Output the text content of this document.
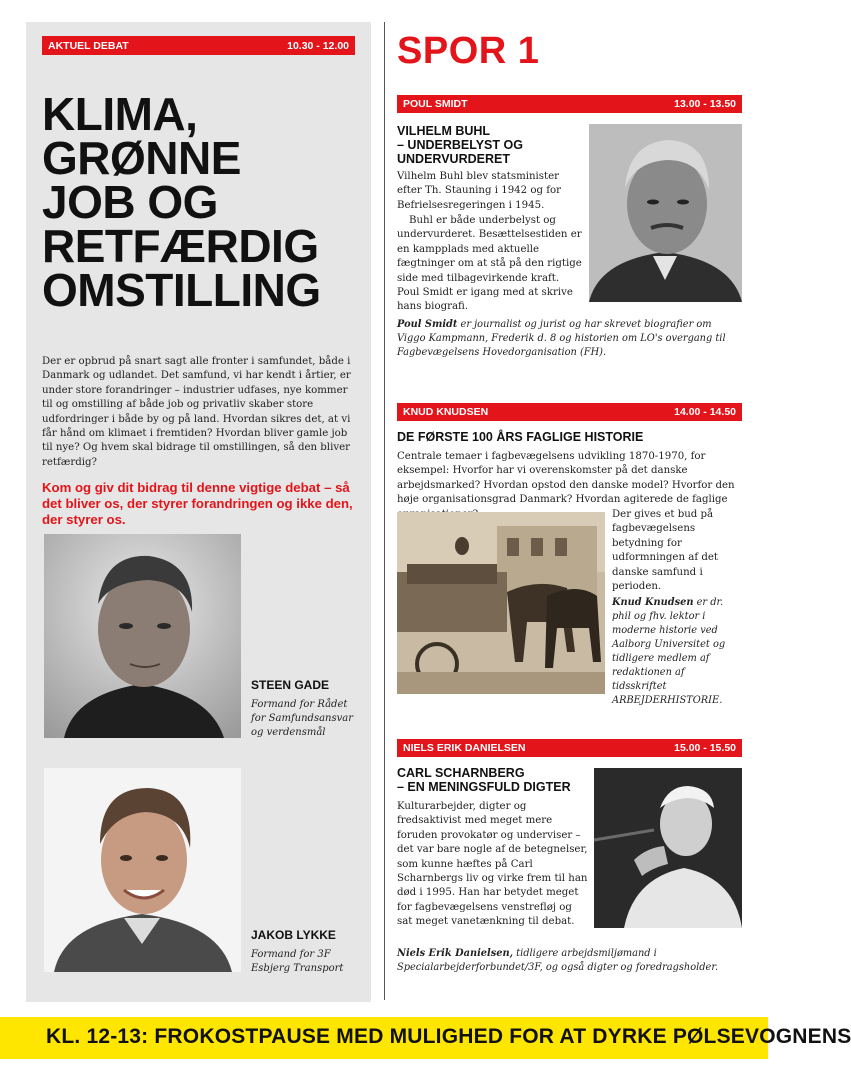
AKTUEL DEBAT	10.30 - 12.00
KLIMA,
GRØNNE
JOB OG
RETFÆRDIG
OMSTILLING

Der er opbrud på snart sagt alle fronter i samfundet, både i Danmark og udlandet. Det samfund, vi har kendt i årtier, er under store forandringer – industrier udfases, nye kommer til og omstilling af både job og privatliv skaber store udfordringer i både by og på land. Hvordan sikres det, at vi får hånd om klimaet i fremtiden? Hvordan bliver gamle job til nye? Og hvem skal bidrage til omstillingen, så den bliver retfærdig?

Kom og giv dit bidrag til denne vigtige debat – så det bliver os, der styrer forandringen og ikke den, der styrer os.

STEEN GADE
Formand for Rådet for Samfundsansvar og verdensmål
JAKOB LYKKE
Formand for 3F Esbjerg Transport
SPOR 1
POUL SMIDT	13.00 - 13.50
VILHELM BUHL
– UNDERBELYST OG
UNDERVURDERET

Vilhelm Buhl blev statsminister efter Th. Stauning i 1942 og for Befrielsesregeringen i 1945.

Buhl er både underbelyst og undervurderet. Besættelsestiden er en kampplads med aktuelle fægtninger om at stå på den rigtige side med tilbagevirkende kraft. Poul Smidt er igang med at skrive hans biografi.

Poul Smidt er journalist og jurist og har skrevet biografier om Viggo Kampmann, Frederik d. 8 og historien om LO's overgang til Fagbevægelsens Hovedorganisation (FH).

KNUD KNUDSEN	14.00 - 14.50
DE FØRSTE 100 ÅRS FAGLIGE HISTORIE

Centrale temaer i fagbevægelsens udvikling 1870-1970, for eksempel: Hvorfor har vi overenskomster på det danske arbejdsmarked? Hvordan opstod den danske model? Hvorfor den høje organisationsgrad Danmark? Hvordan agiterede de faglige

Der gives et bud på fagbevægelsens betydning for udformningen af det danske samfund i perioden.

Knud Knudsen er dr. phil og fhv. lektor i moderne historie ved Aalborg Universitet og tidligere medlem af redaktionen af tidsskriftet ARBEJDERHISTORIE.

NIELS ERIK DANIELSEN	15.00 - 15.50
CARL SCHARNBERG
– EN MENINGSFULD DIGTER

Kulturarbejder, digter og fredsaktivist med meget mere foruden provokatør og underviser – det var bare nogle af de betegnelser, som kunne hæftes på Carl Scharnbergs liv og virke frem til han død i 1995. Han har betydet meget for fagbevægelsens venstrefløj og sat meget vanetænkning til debat.

Niels Erik Danielsen, tidligere arbejdsmiljømand i Specialarbejderforbundet/3F, og også digter og foredragsholder.

KL. 12-13: FROKOSTPAUSE MED MULIGHED FOR AT DYRKE PØLSEVOGNENS
